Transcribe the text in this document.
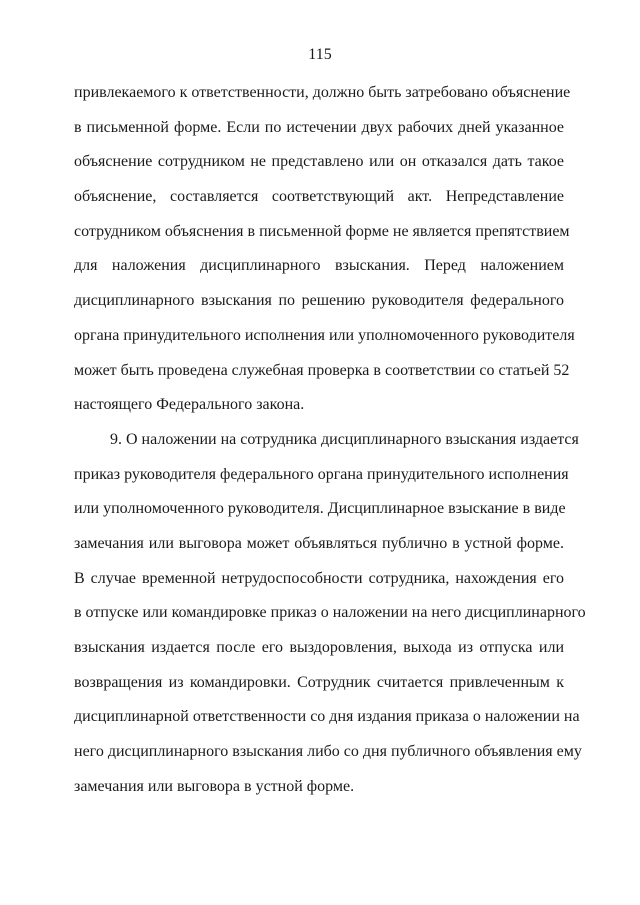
115
привлекаемого к ответственности, должно быть затребовано объяснение
в письменной форме. Если по истечении двух рабочих дней указанное
объяснение сотрудником не представлено или он отказался дать такое
объяснение, составляется соответствующий акт. Непредставление
сотрудником объяснения в письменной форме не является препятствием
для наложения дисциплинарного взыскания. Перед наложением
дисциплинарного взыскания по решению руководителя федерального
органа принудительного исполнения или уполномоченного руководителя
может быть проведена служебная проверка в соответствии со статьей 52
настоящего Федерального закона.
9. О наложении на сотрудника дисциплинарного взыскания издается
приказ руководителя федерального органа принудительного исполнения
или уполномоченного руководителя. Дисциплинарное взыскание в виде
замечания или выговора может объявляться публично в устной форме.
В случае временной нетрудоспособности сотрудника, нахождения его
в отпуске или командировке приказ о наложении на него дисциплинарного
взыскания издается после его выздоровления, выхода из отпуска или
возвращения из командировки. Сотрудник считается привлеченным к
дисциплинарной ответственности со дня издания приказа о наложении на
него дисциплинарного взыскания либо со дня публичного объявления ему
замечания или выговора в устной форме.
